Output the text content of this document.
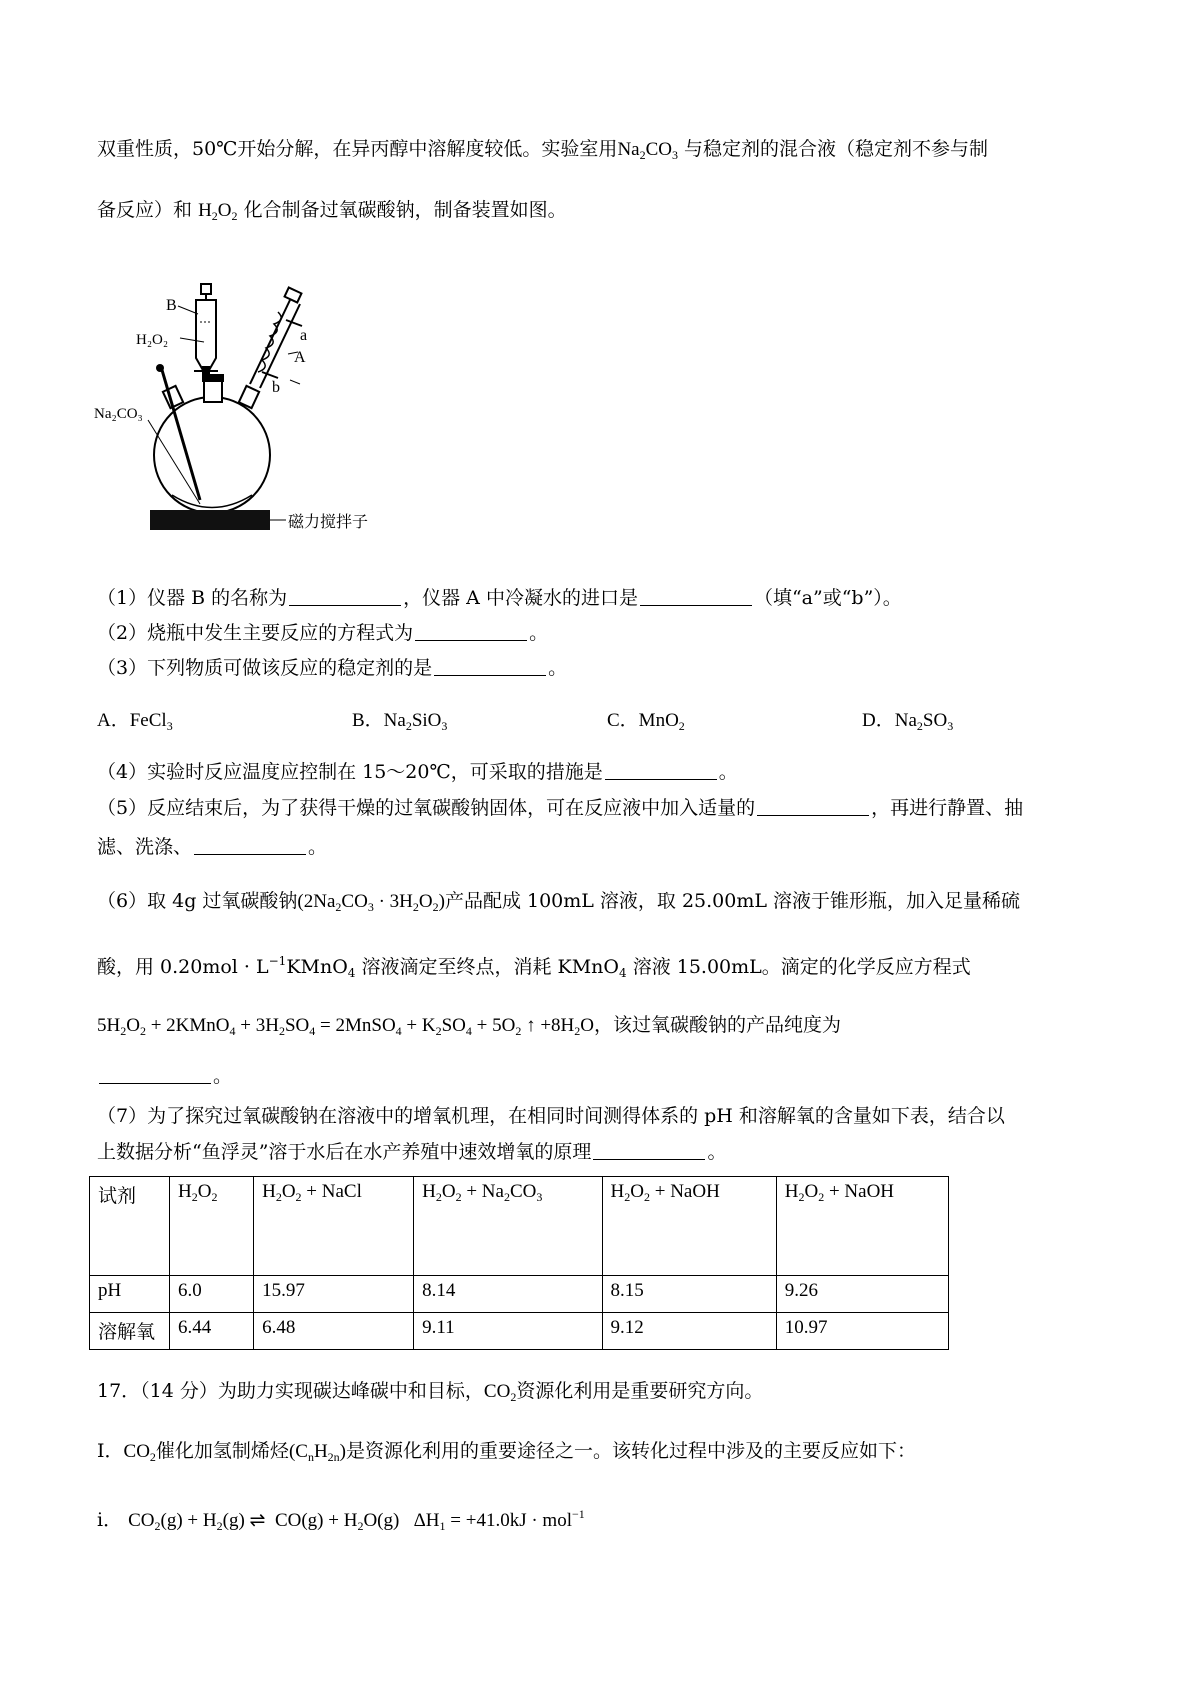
双重性质，50℃开始分解，在异丙醇中溶解度较低。实验室用$Na_2CO_3$ 与稳定剂的混合液（稳定剂不参与制
备反应）和 $H_2O_2$ 化合制备过氧碳酸钠，制备装置如图。
B
H₂O₂	a
A
b
Na₂CO₃
磁力搅拌子
（1）仪器 B 的名称为	，仪器 A 中冷凝水的进口是	（填“a”或“b”）。
（2）烧瓶中发生主要反应的方程式为	。
（3）下列物质可做该反应的稳定剂的是	。
A．FeCl$_3$	B．$Na_2SiO_3$	C．MnO$_2$	D．$Na_2SO_3$
（4）实验时反应温度应控制在 15～20℃，可采取的措施是	。
（5）反应结束后，为了获得干燥的过氧碳酸钠固体，可在反应液中加入适量的	，再进行静置、抽
滤、洗涤、	。
（6）取 4g 过氧碳酸钠$(2Na_2CO_3 \cdot 3H_2O_2)$产品配成 100mL 溶液，取 25.00mL 溶液于锥形瓶，加入足量稀硫
酸，用 $0.20mol \cdot L^{-1}KMnO_4$ 溶液滴定至终点，消耗 KMnO$_4$ 溶液 15.00mL。滴定的化学反应方程式
$5H_2O_2$ + 2KMnO$_4$ + $3H_2SO_4$ = 2MnSO$_4$ + $K_2SO_4 + 5O_2$ ↑ $+8H_2O$，该过氧碳酸钠的产品纯度为
。
（7）为了探究过氧碳酸钠在溶液中的增氧机理，在相同时间测得体系的 pH 和溶解氧的含量如下表，结合以
上数据分析“鱼浮灵”溶于水后在水产养殖中速效增氧的原理	。
试剂	$H_2O_2$	$H_2O_2$ + NaCl	$H_2O_2 + Na_2CO_3$	$H_2O_2$ + NaOH	$H_2O_2$ + NaOH
pH	6.0	15.97	8.14	8.15	9.26
溶解氧	6.44	6.48	9.11	9.12	10.97
17．（14 分）为助力实现碳达峰碳中和目标，$CO_2$资源化利用是重要研究方向。
Ⅰ．$CO_2$催化加氢制烯烃$(C_nH_{2n})$是资源化利用的重要途径之一。该转化过程中涉及的主要反应如下：
i． $CO_2(g) + H_2(g)$ ⇌  $CO(g) + H_2O(g) \Delta H_1 = +41.0kJ \cdot mol^{-1}$
